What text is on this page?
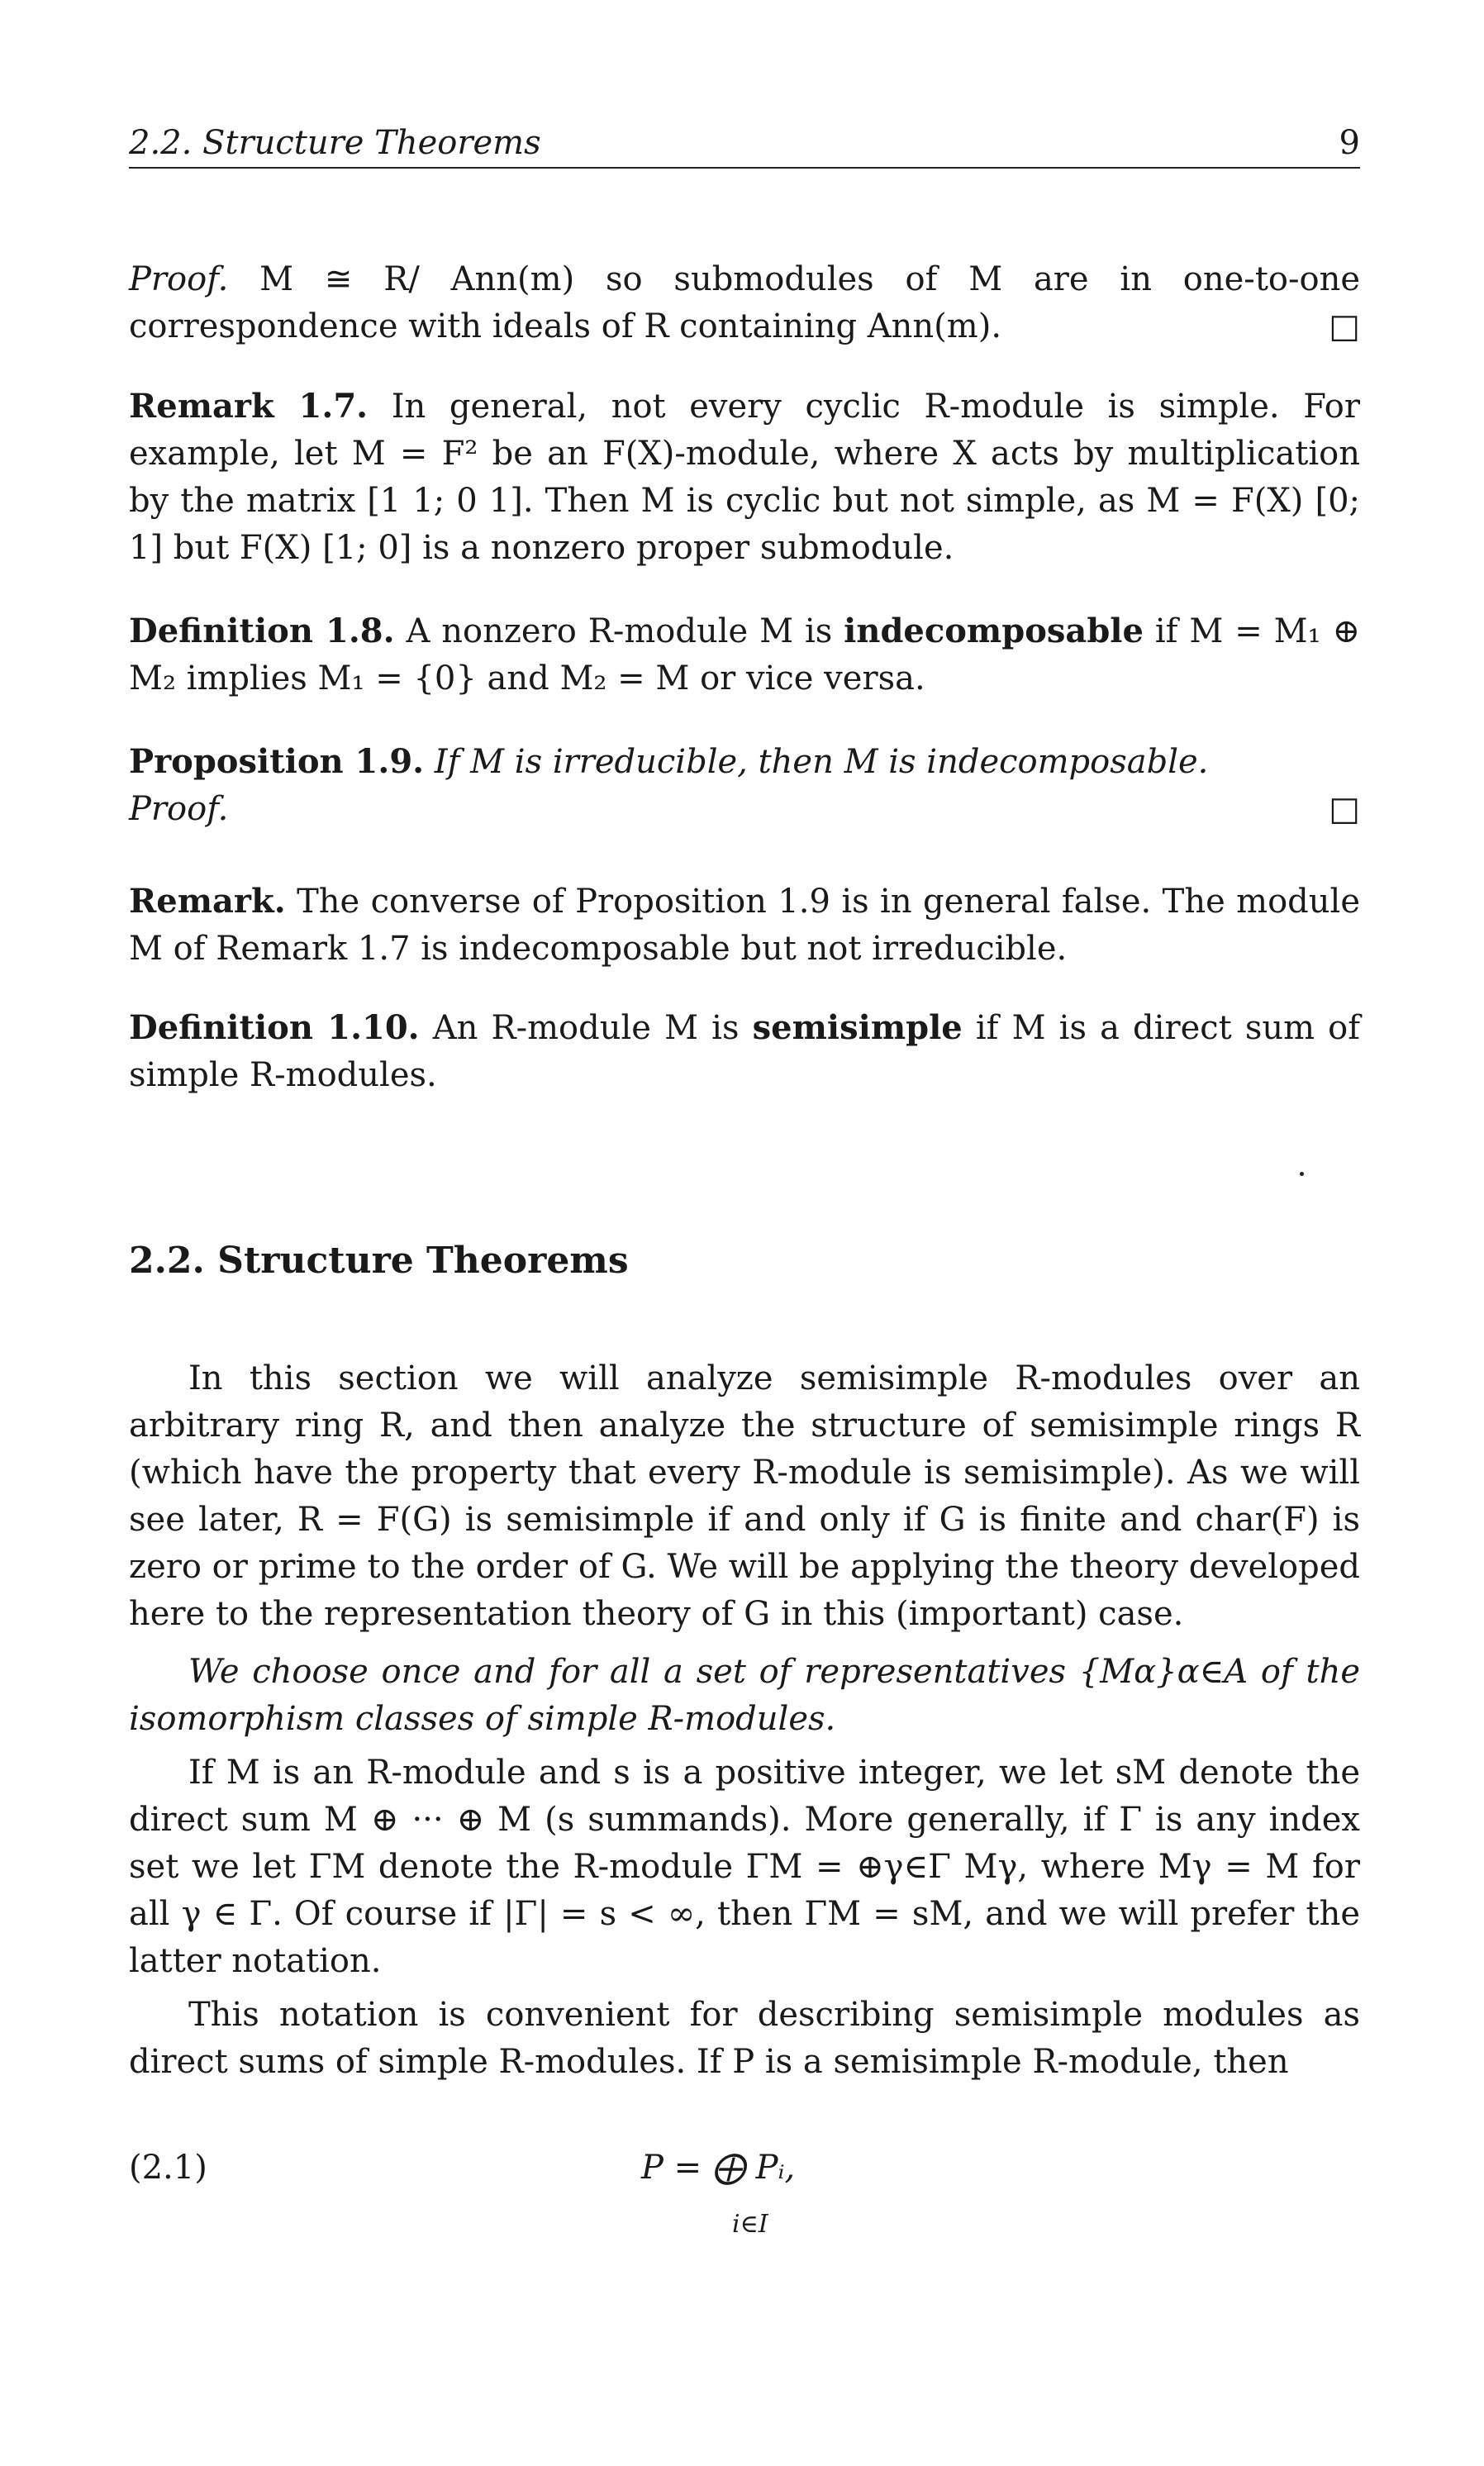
2.2. Structure Theorems	9
Proof. M ≅ R/ Ann(m) so submodules of M are in one-to-one correspondence with ideals of R containing Ann(m).	□
Remark 1.7. In general, not every cyclic R-module is simple. For example, let M = F² be an F(X)-module, where X acts by multiplication by the matrix [1 1; 0 1]. Then M is cyclic but not simple, as M = F(X) [0; 1] but F(X) [1; 0] is a nonzero proper submodule.
Definition 1.8. A nonzero R-module M is indecomposable if M = M₁ ⊕ M₂ implies M₁ = {0} and M₂ = M or vice versa.
Proposition 1.9. If M is irreducible, then M is indecomposable.
Proof.	□
Remark. The converse of Proposition 1.9 is in general false. The module M of Remark 1.7 is indecomposable but not irreducible.
Definition 1.10. An R-module M is semisimple if M is a direct sum of simple R-modules.
2.2. Structure Theorems
In this section we will analyze semisimple R-modules over an arbitrary ring R, and then analyze the structure of semisimple rings R (which have the property that every R-module is semisimple). As we will see later, R = F(G) is semisimple if and only if G is finite and char(F) is zero or prime to the order of G. We will be applying the theory developed here to the representation theory of G in this (important) case.
We choose once and for all a set of representatives {Mα}α∈A of the isomorphism classes of simple R-modules.
If M is an R-module and s is a positive integer, we let sM denote the direct sum M ⊕ ··· ⊕ M (s summands). More generally, if Γ is any index set we let ΓM denote the R-module ΓM = ⊕γ∈Γ Mγ, where Mγ = M for all γ ∈ Γ. Of course if |Γ| = s < ∞, then ΓM = sM, and we will prefer the latter notation.
This notation is convenient for describing semisimple modules as direct sums of simple R-modules. If P is a semisimple R-module, then
(2.1)	P = ⨁ Pᵢ,
i∈I
